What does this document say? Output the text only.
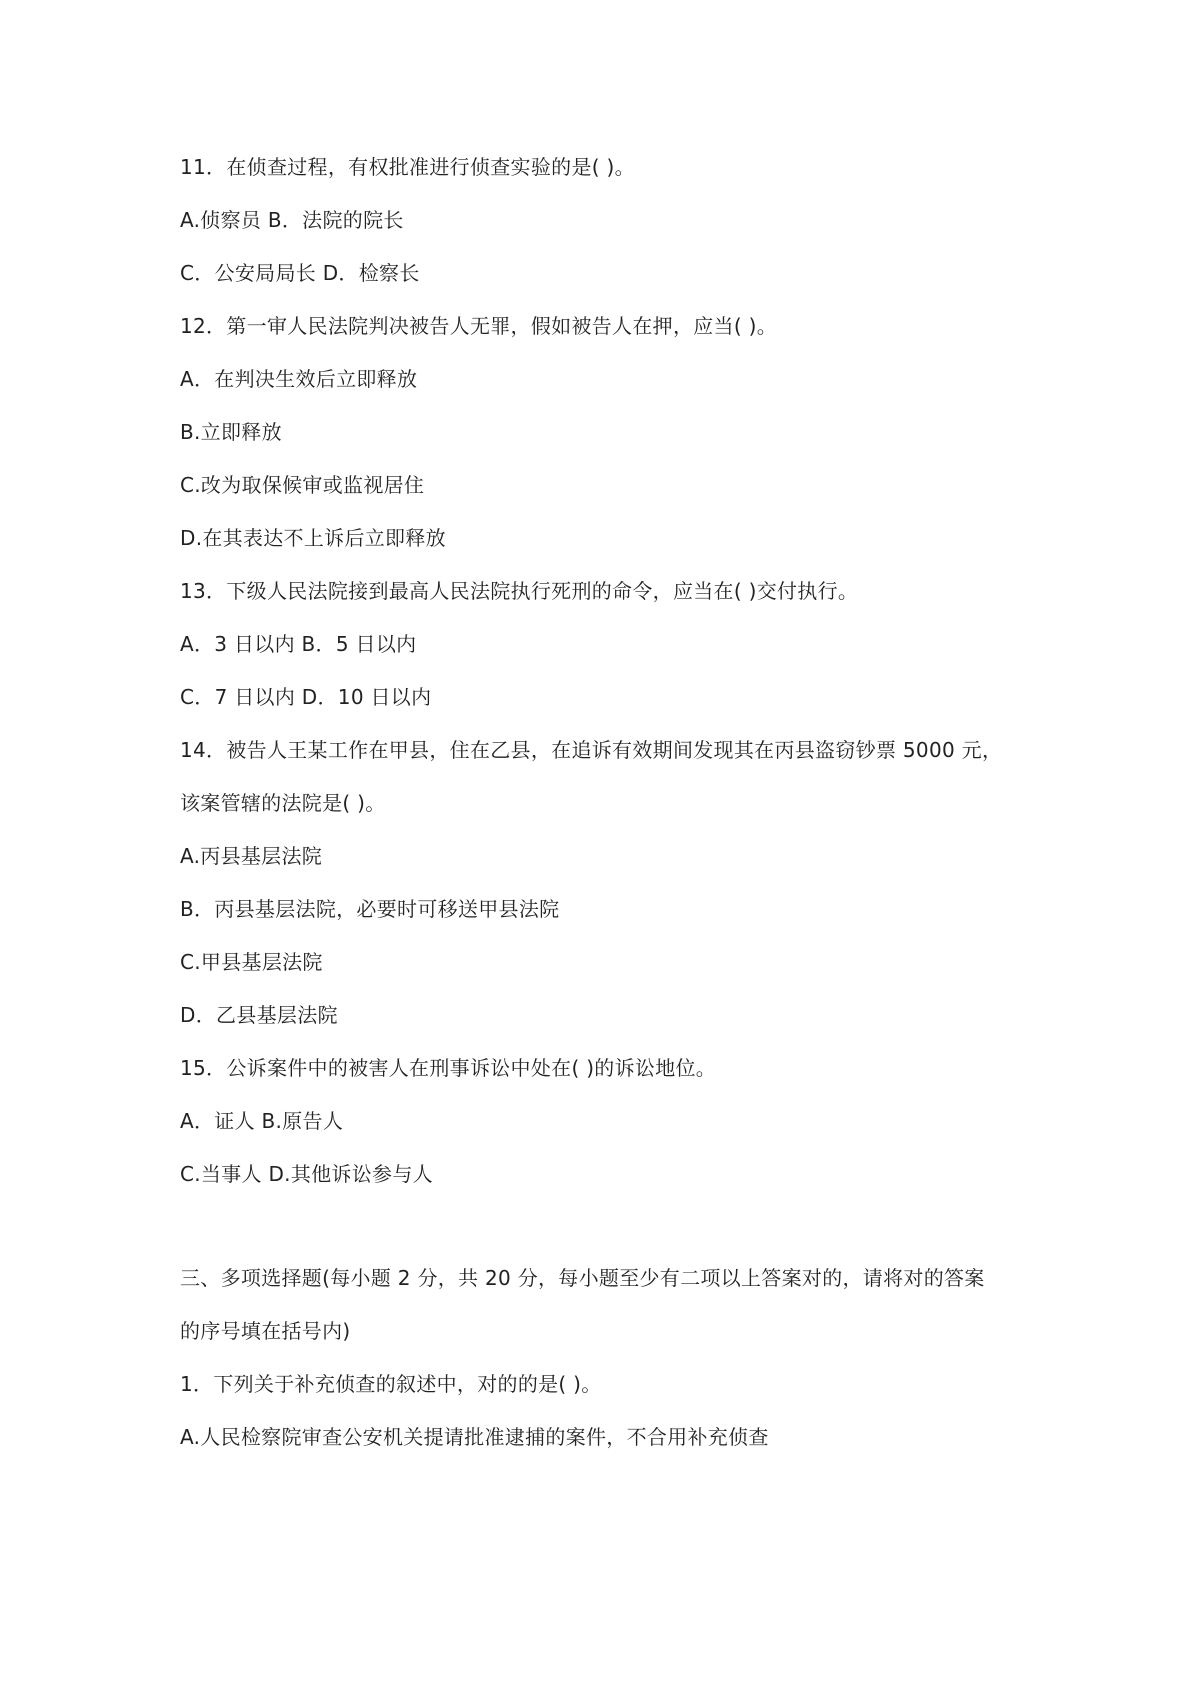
11．在侦查过程，有权批准进行侦查实验的是( )。
A.侦察员 B．法院的院长
C．公安局局长 D．检察长
12．第一审人民法院判决被告人无罪，假如被告人在押，应当( )。
A．在判决生效后立即释放
B.立即释放
C.改为取保候审或监视居住
D.在其表达不上诉后立即释放
13．下级人民法院接到最高人民法院执行死刑的命令，应当在( )交付执行。
A．3 日以内 B．5 日以内
C．7 日以内 D．10 日以内
14．被告人王某工作在甲县，住在乙县，在追诉有效期间发现其在丙县盗窃钞票 5000 元，
该案管辖的法院是( )。
A.丙县基层法院
B．丙县基层法院，必要时可移送甲县法院
C.甲县基层法院
D．乙县基层法院
15．公诉案件中的被害人在刑事诉讼中处在( )的诉讼地位。
A．证人 B.原告人
C.当事人 D.其他诉讼参与人
三、多项选择题(每小题 2 分，共 20 分，每小题至少有二项以上答案对的，请将对的答案
的序号填在括号内)
1．下列关于补充侦查的叙述中，对的的是( )。
A.人民检察院审查公安机关提请批准逮捕的案件，不合用补充侦查
